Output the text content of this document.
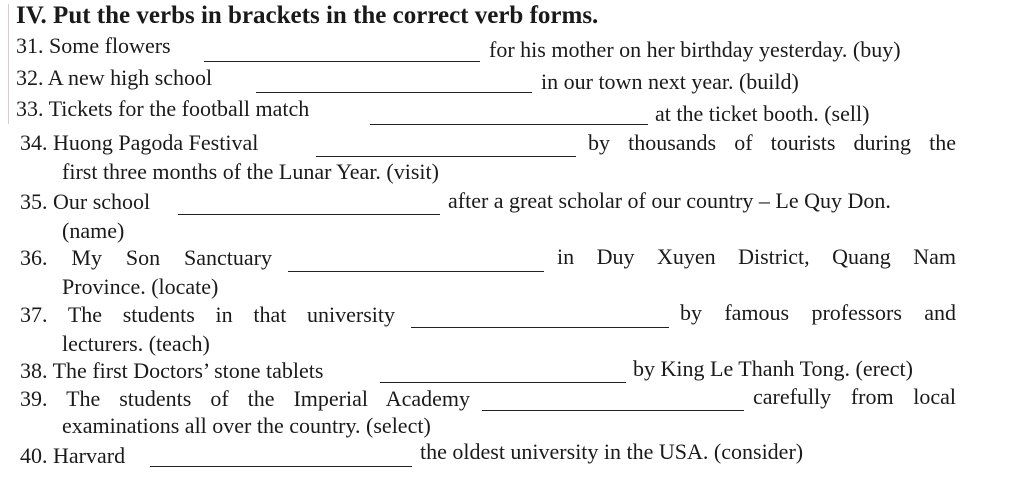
IV. Put the verbs in brackets in the correct verb forms.
31. Some flowers	for his mother on her birthday yesterday. (buy)
32. A new high school	in our town next year. (build)
33. Tickets for the football match	at the ticket booth. (sell)
34. Huong Pagoda Festival	by thousands of tourists during the
first three months of the Lunar Year. (visit)
35. Our school	after a great scholar of our country – Le Quy Don.
(name)
36. My Son Sanctuary	in Duy Xuyen District, Quang Nam
Province. (locate)
37. The students in that university	by famous professors and
lecturers. (teach)
38. The first Doctors’ stone tablets	by King Le Thanh Tong. (erect)
39. The students of the Imperial Academy	carefully from local
examinations all over the country. (select)
40. Harvard	the oldest university in the USA. (consider)
